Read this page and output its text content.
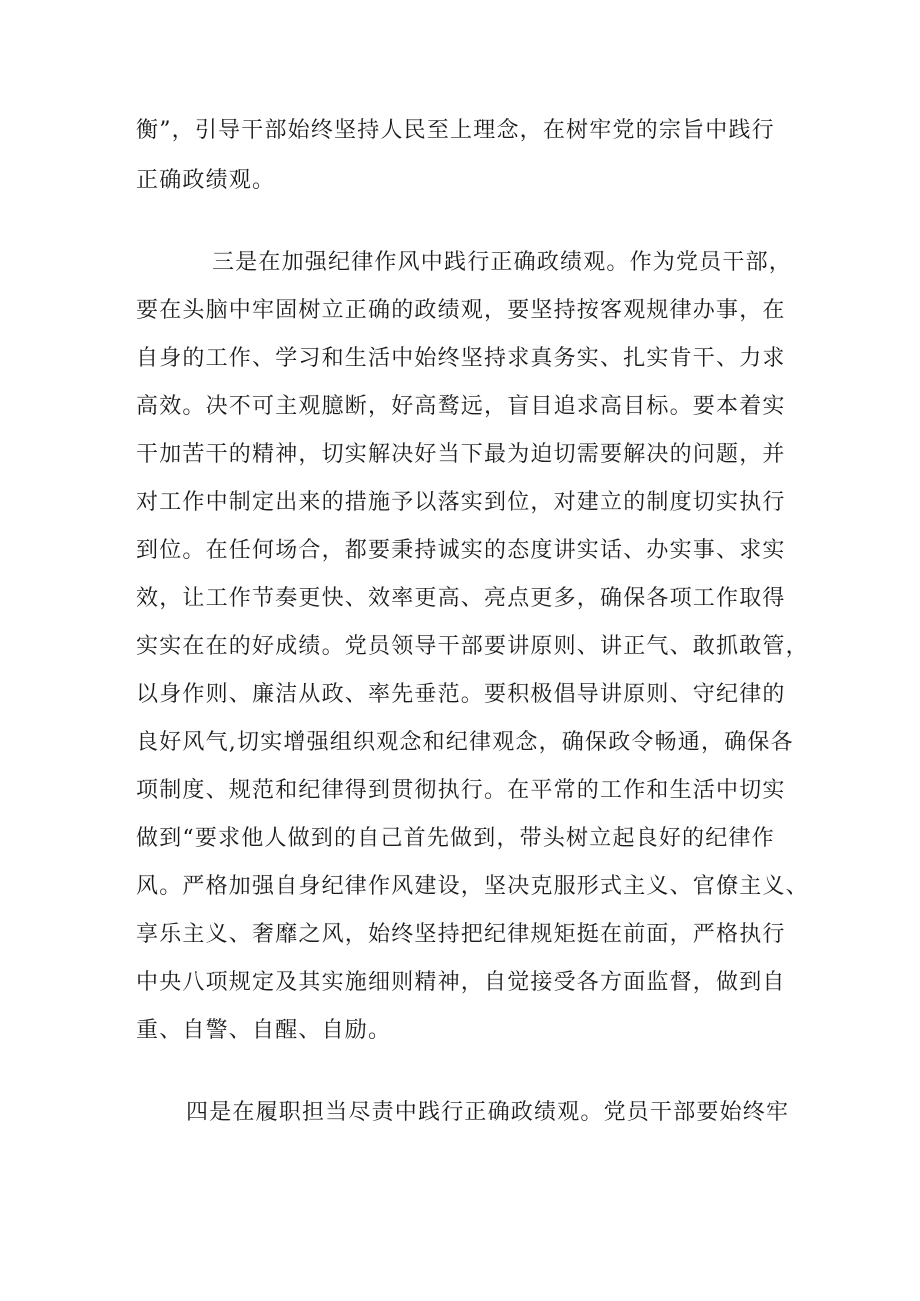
衡”，引导干部始终坚持人民至上理念，在树牢党的宗旨中践行
正确政绩观。
三是在加强纪律作风中践行正确政绩观。作为党员干部，
要在头脑中牢固树立正确的政绩观，要坚持按客观规律办事，在
自身的工作、学习和生活中始终坚持求真务实、扎实肯干、力求
高效。决不可主观臆断，好高鹜远，盲目追求高目标。要本着实
干加苦干的精神，切实解决好当下最为迫切需要解决的问题，并
对工作中制定出来的措施予以落实到位，对建立的制度切实执行
到位。在任何场合，都要秉持诚实的态度讲实话、办实事、求实
效，让工作节奏更快、效率更高、亮点更多，确保各项工作取得
实实在在的好成绩。党员领导干部要讲原则、讲正气、敢抓敢管，
以身作则、廉洁从政、率先垂范。要积极倡导讲原则、守纪律的
良好风气,切实增强组织观念和纪律观念，确保政令畅通，确保各
项制度、规范和纪律得到贯彻执行。在平常的工作和生活中切实
做到“要求他人做到的自己首先做到，带头树立起良好的纪律作
风。严格加强自身纪律作风建设，坚决克服形式主义、官僚主义、
享乐主义、奢靡之风，始终坚持把纪律规矩挺在前面，严格执行
中央八项规定及其实施细则精神，自觉接受各方面监督，做到自
重、自警、自醒、自励。
四是在履职担当尽责中践行正确政绩观。党员干部要始终牢
